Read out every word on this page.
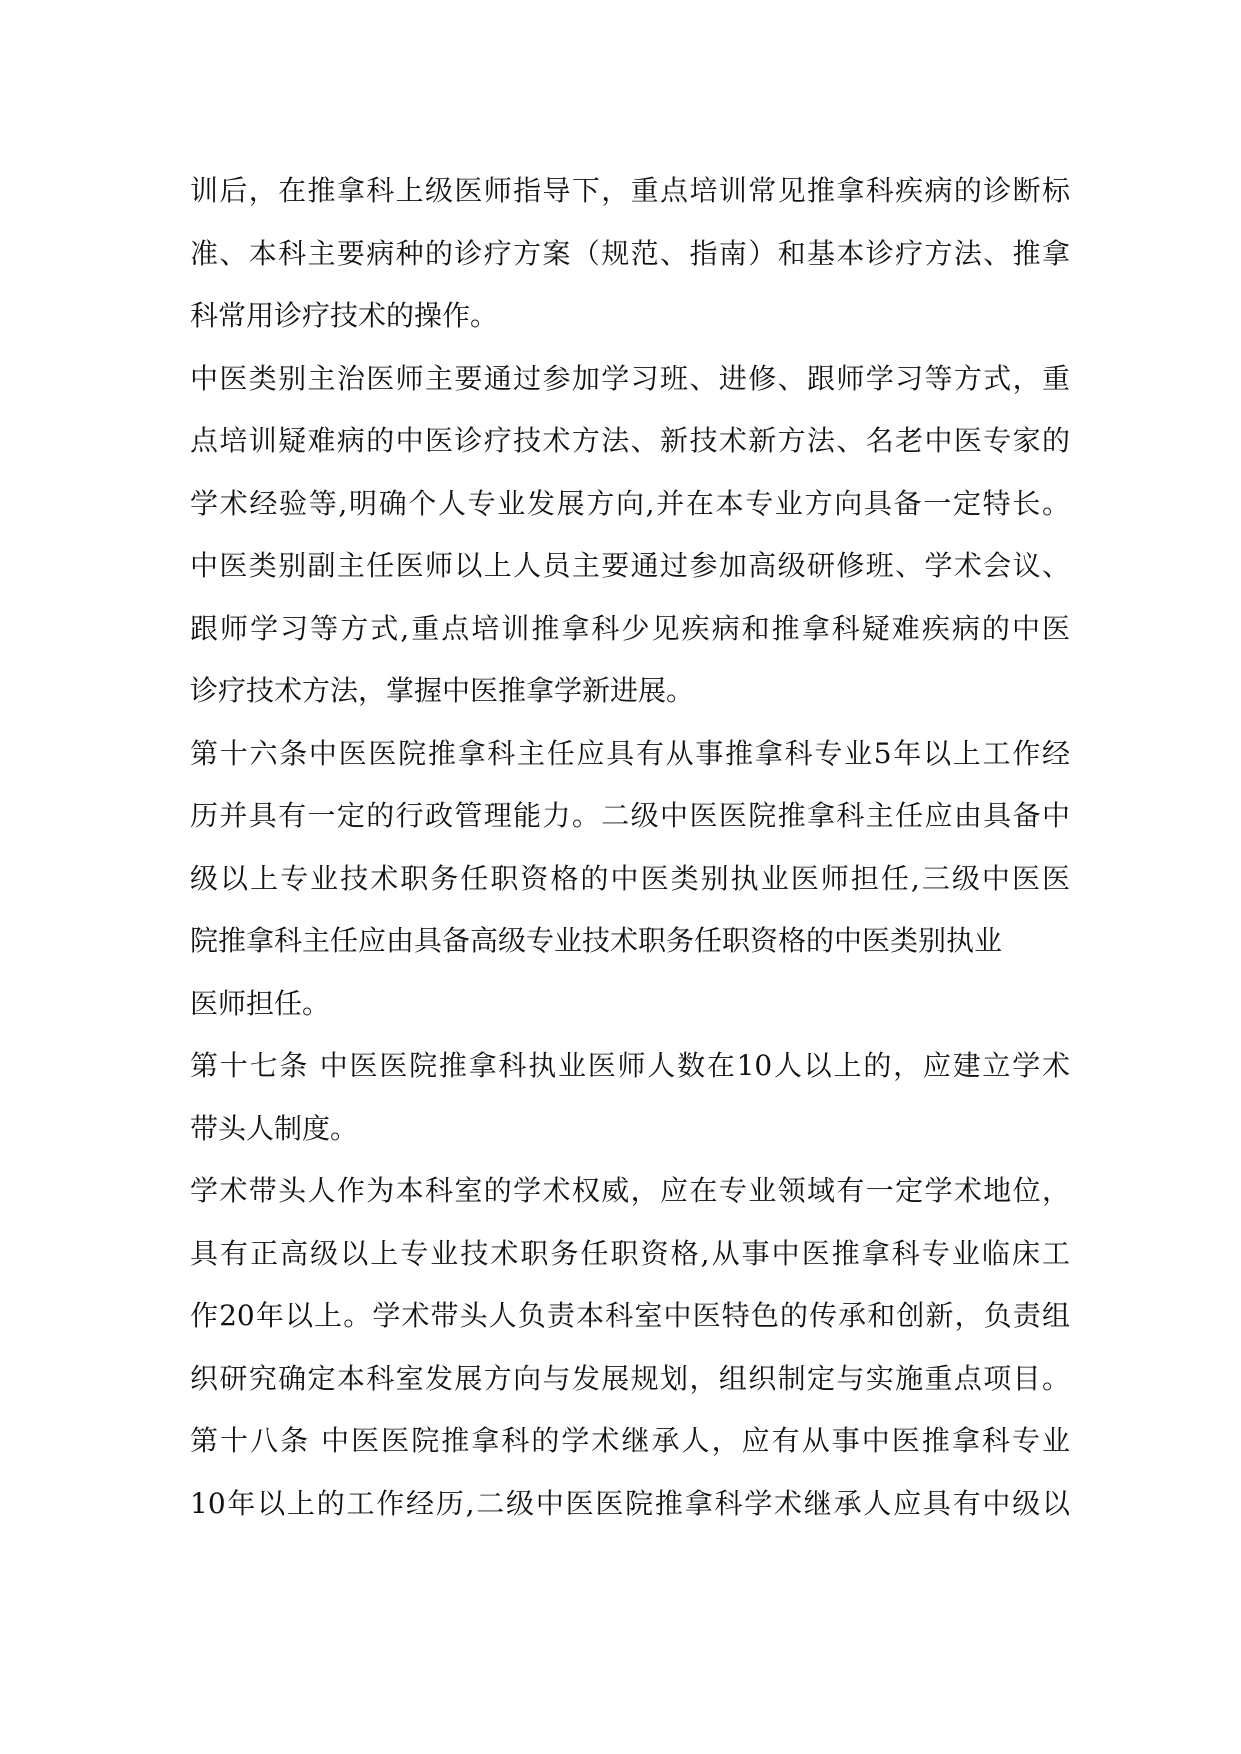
训后，在推拿科上级医师指导下，重点培训常见推拿科疾病的诊断标
准、本科主要病种的诊疗方案（规范、指南）和基本诊疗方法、推拿
科常用诊疗技术的操作。
中医类别主治医师主要通过参加学习班、进修、跟师学习等方式，重
点培训疑难病的中医诊疗技术方法、新技术新方法、名老中医专家的
学术经验等,明确个人专业发展方向,并在本专业方向具备一定特长。
中医类别副主任医师以上人员主要通过参加高级研修班、学术会议、
跟师学习等方式,重点培训推拿科少见疾病和推拿科疑难疾病的中医
诊疗技术方法，掌握中医推拿学新进展。
第十六条中医医院推拿科主任应具有从事推拿科专业5年以上工作经
历并具有一定的行政管理能力。二级中医医院推拿科主任应由具备中
级以上专业技术职务任职资格的中医类别执业医师担任,三级中医医
院推拿科主任应由具备高级专业技术职务任职资格的中医类别执业
医师担任。
第十七条 中医医院推拿科执业医师人数在10人以上的，应建立学术
带头人制度。
学术带头人作为本科室的学术权威，应在专业领域有一定学术地位，
具有正高级以上专业技术职务任职资格,从事中医推拿科专业临床工
作20年以上。学术带头人负责本科室中医特色的传承和创新，负责组
织研究确定本科室发展方向与发展规划，组织制定与实施重点项目。
第十八条 中医医院推拿科的学术继承人，应有从事中医推拿科专业
10年以上的工作经历,二级中医医院推拿科学术继承人应具有中级以
